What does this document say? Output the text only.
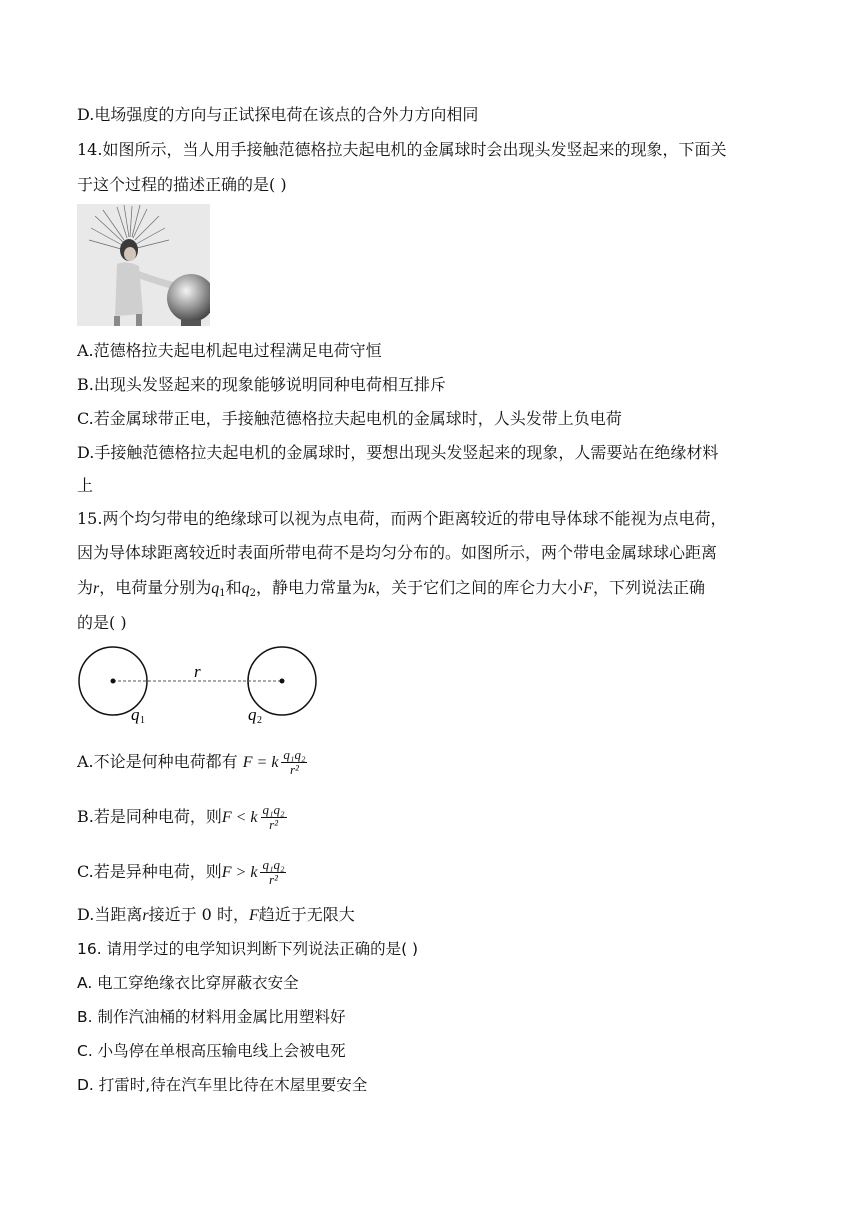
D.电场强度的方向与正试探电荷在该点的合外力方向相同
14.如图所示，当人用手接触范德格拉夫起电机的金属球时会出现头发竖起来的现象，下面关
于这个过程的描述正确的是( )
A.范德格拉夫起电机起电过程满足电荷守恒
B.出现头发竖起来的现象能够说明同种电荷相互排斥
C.若金属球带正电，手接触范德格拉夫起电机的金属球时，人头发带上负电荷
D.手接触范德格拉夫起电机的金属球时，要想出现头发竖起来的现象，人需要站在绝缘材料
上
15.两个均匀带电的绝缘球可以视为点电荷，而两个距离较近的带电导体球不能视为点电荷，
因为导体球距离较近时表面所带电荷不是均匀分布的。如图所示，两个带电金属球球心距离
为r，电荷量分别为$q_1$和$q_2$，静电力常量为k，关于它们之间的库仑力大小F，下列说法正确
的是( )
r
q 1	q 2
A.不论是何种电荷都有 F = k $\frac{\text{q₁q₂}}{\text{r²}}$
B.若是同种电荷，则F < k $\frac{\text{q₁q₂}}{\text{r²}}$
C.若是异种电荷，则F > k $\frac{\text{q₁q₂}}{\text{r²}}$
D.当距离r接近于 0 时，F趋近于无限大
16. 请用学过的电学知识判断下列说法正确的是( )
A. 电工穿绝缘衣比穿屏蔽衣安全
B. 制作汽油桶的材料用金属比用塑料好
C. 小鸟停在单根高压输电线上会被电死
D. 打雷时,待在汽车里比待在木屋里要安全
